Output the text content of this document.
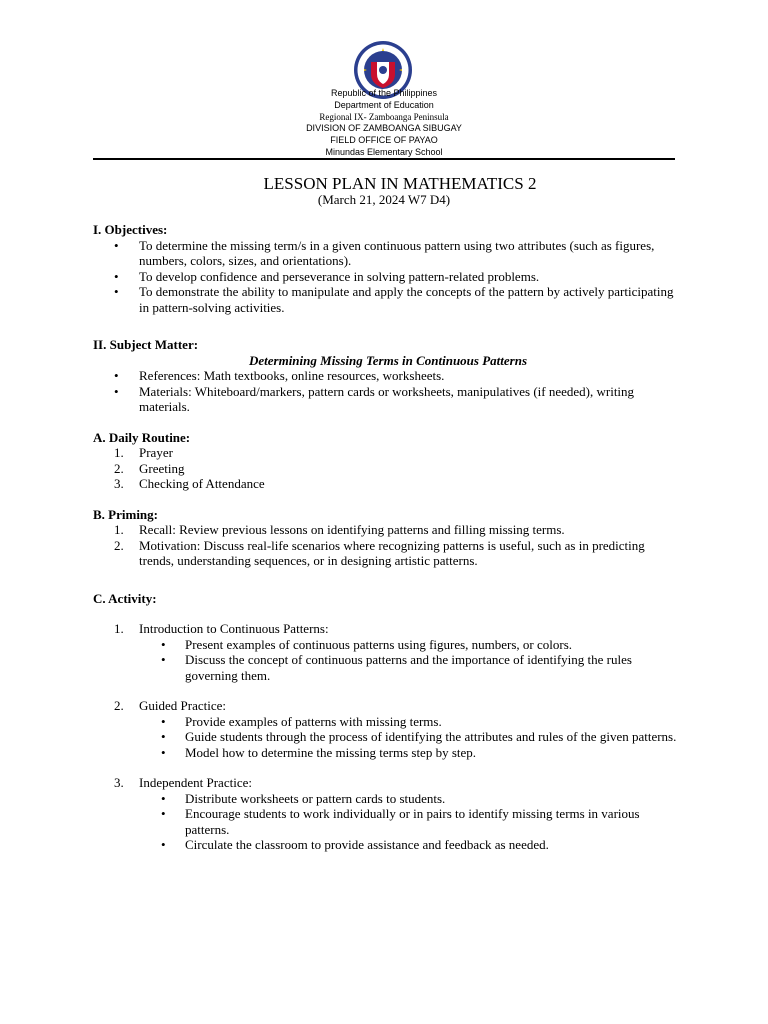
Republic of the Philippines
Department of Education
Regional IX- Zamboanga Peninsula
DIVISION OF ZAMBOANGA SIBUGAY
FIELD OFFICE OF PAYAO
Minundas Elementary School
LESSON PLAN IN MATHEMATICS 2
(March 21, 2024 W7 D4)

I. Objectives:

• To determine the missing term/s in a given continuous pattern using two attributes (such as figures, numbers, colors, sizes, and orientations).
• To develop confidence and perseverance in solving pattern-related problems.
• To demonstrate the ability to manipulate and apply the concepts of the pattern by actively participating in pattern-solving activities.

II. Subject Matter:

Determining Missing Terms in Continuous Patterns

• References: Math textbooks, online resources, worksheets.
• Materials: Whiteboard/markers, pattern cards or worksheets, manipulatives (if needed), writing materials.

A. Daily Routine:

1. Prayer
2. Greeting
3. Checking of Attendance

B. Priming:

1. Recall: Review previous lessons on identifying patterns and filling missing terms.
2. Motivation: Discuss real-life scenarios where recognizing patterns is useful, such as in predicting trends, understanding sequences, or in designing artistic patterns.

C. Activity:

1. Introduction to Continuous Patterns:
• Present examples of continuous patterns using figures, numbers, or colors.
• Discuss the concept of continuous patterns and the importance of identifying the rules governing them.
2. Guided Practice:
• Provide examples of patterns with missing terms.
• Guide students through the process of identifying the attributes and rules of the given patterns.
• Model how to determine the missing terms step by step.
3. Independent Practice:
• Distribute worksheets or pattern cards to students.
• Encourage students to work individually or in pairs to identify missing terms in various patterns.
• Circulate the classroom to provide assistance and feedback as needed.
